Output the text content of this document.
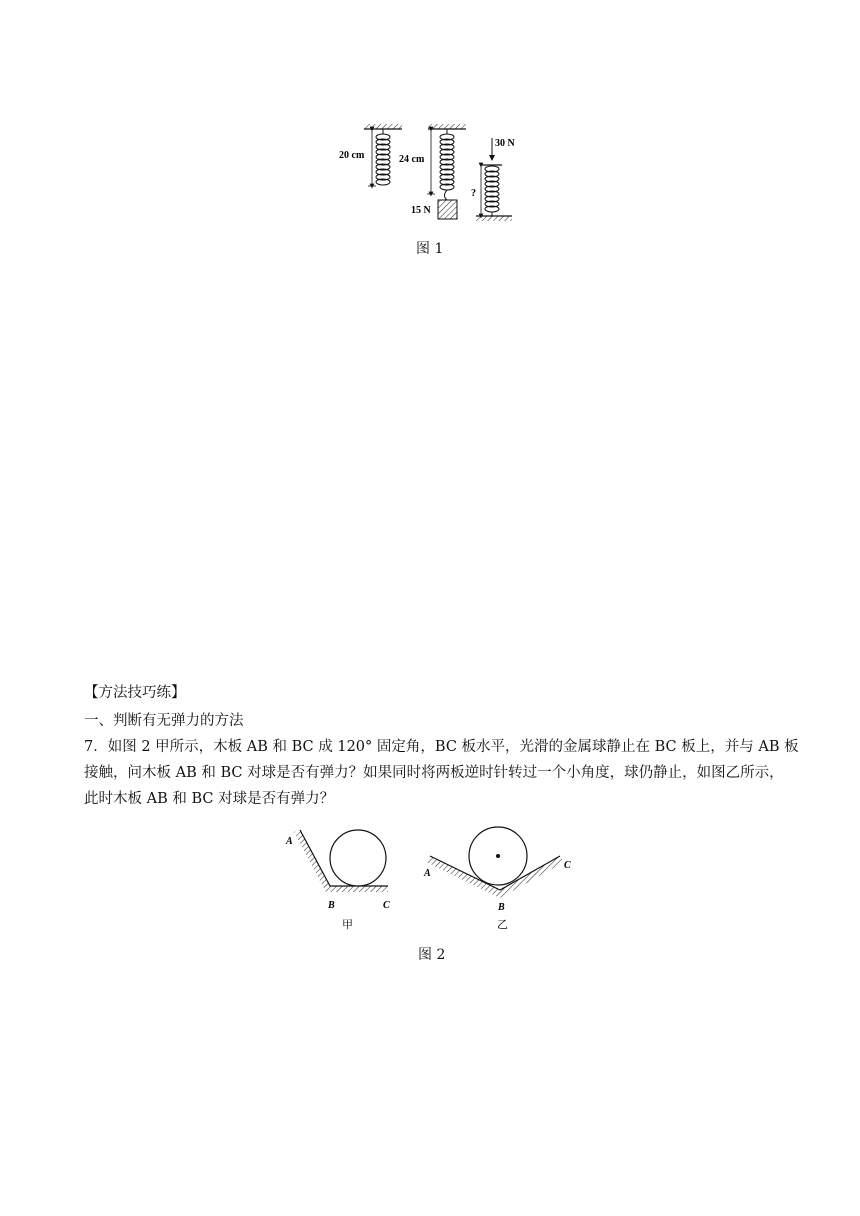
20 cm	24 cm
15 N
30 N
?
图 1
【方法技巧练】
一、判断有无弹力的方法
7．如图 2 甲所示，木板 AB 和 BC 成 120° 固定角，BC 板水平，光滑的金属球静止在 BC 板上，并与 AB 板
接触，问木板 AB 和 BC 对球是否有弹力？如果同时将两板逆时针转过一个小角度，球仍静止，如图乙所示，
此时木板 AB 和 BC 对球是否有弹力？
A
B	C
甲
A
B
C
乙
图 2
